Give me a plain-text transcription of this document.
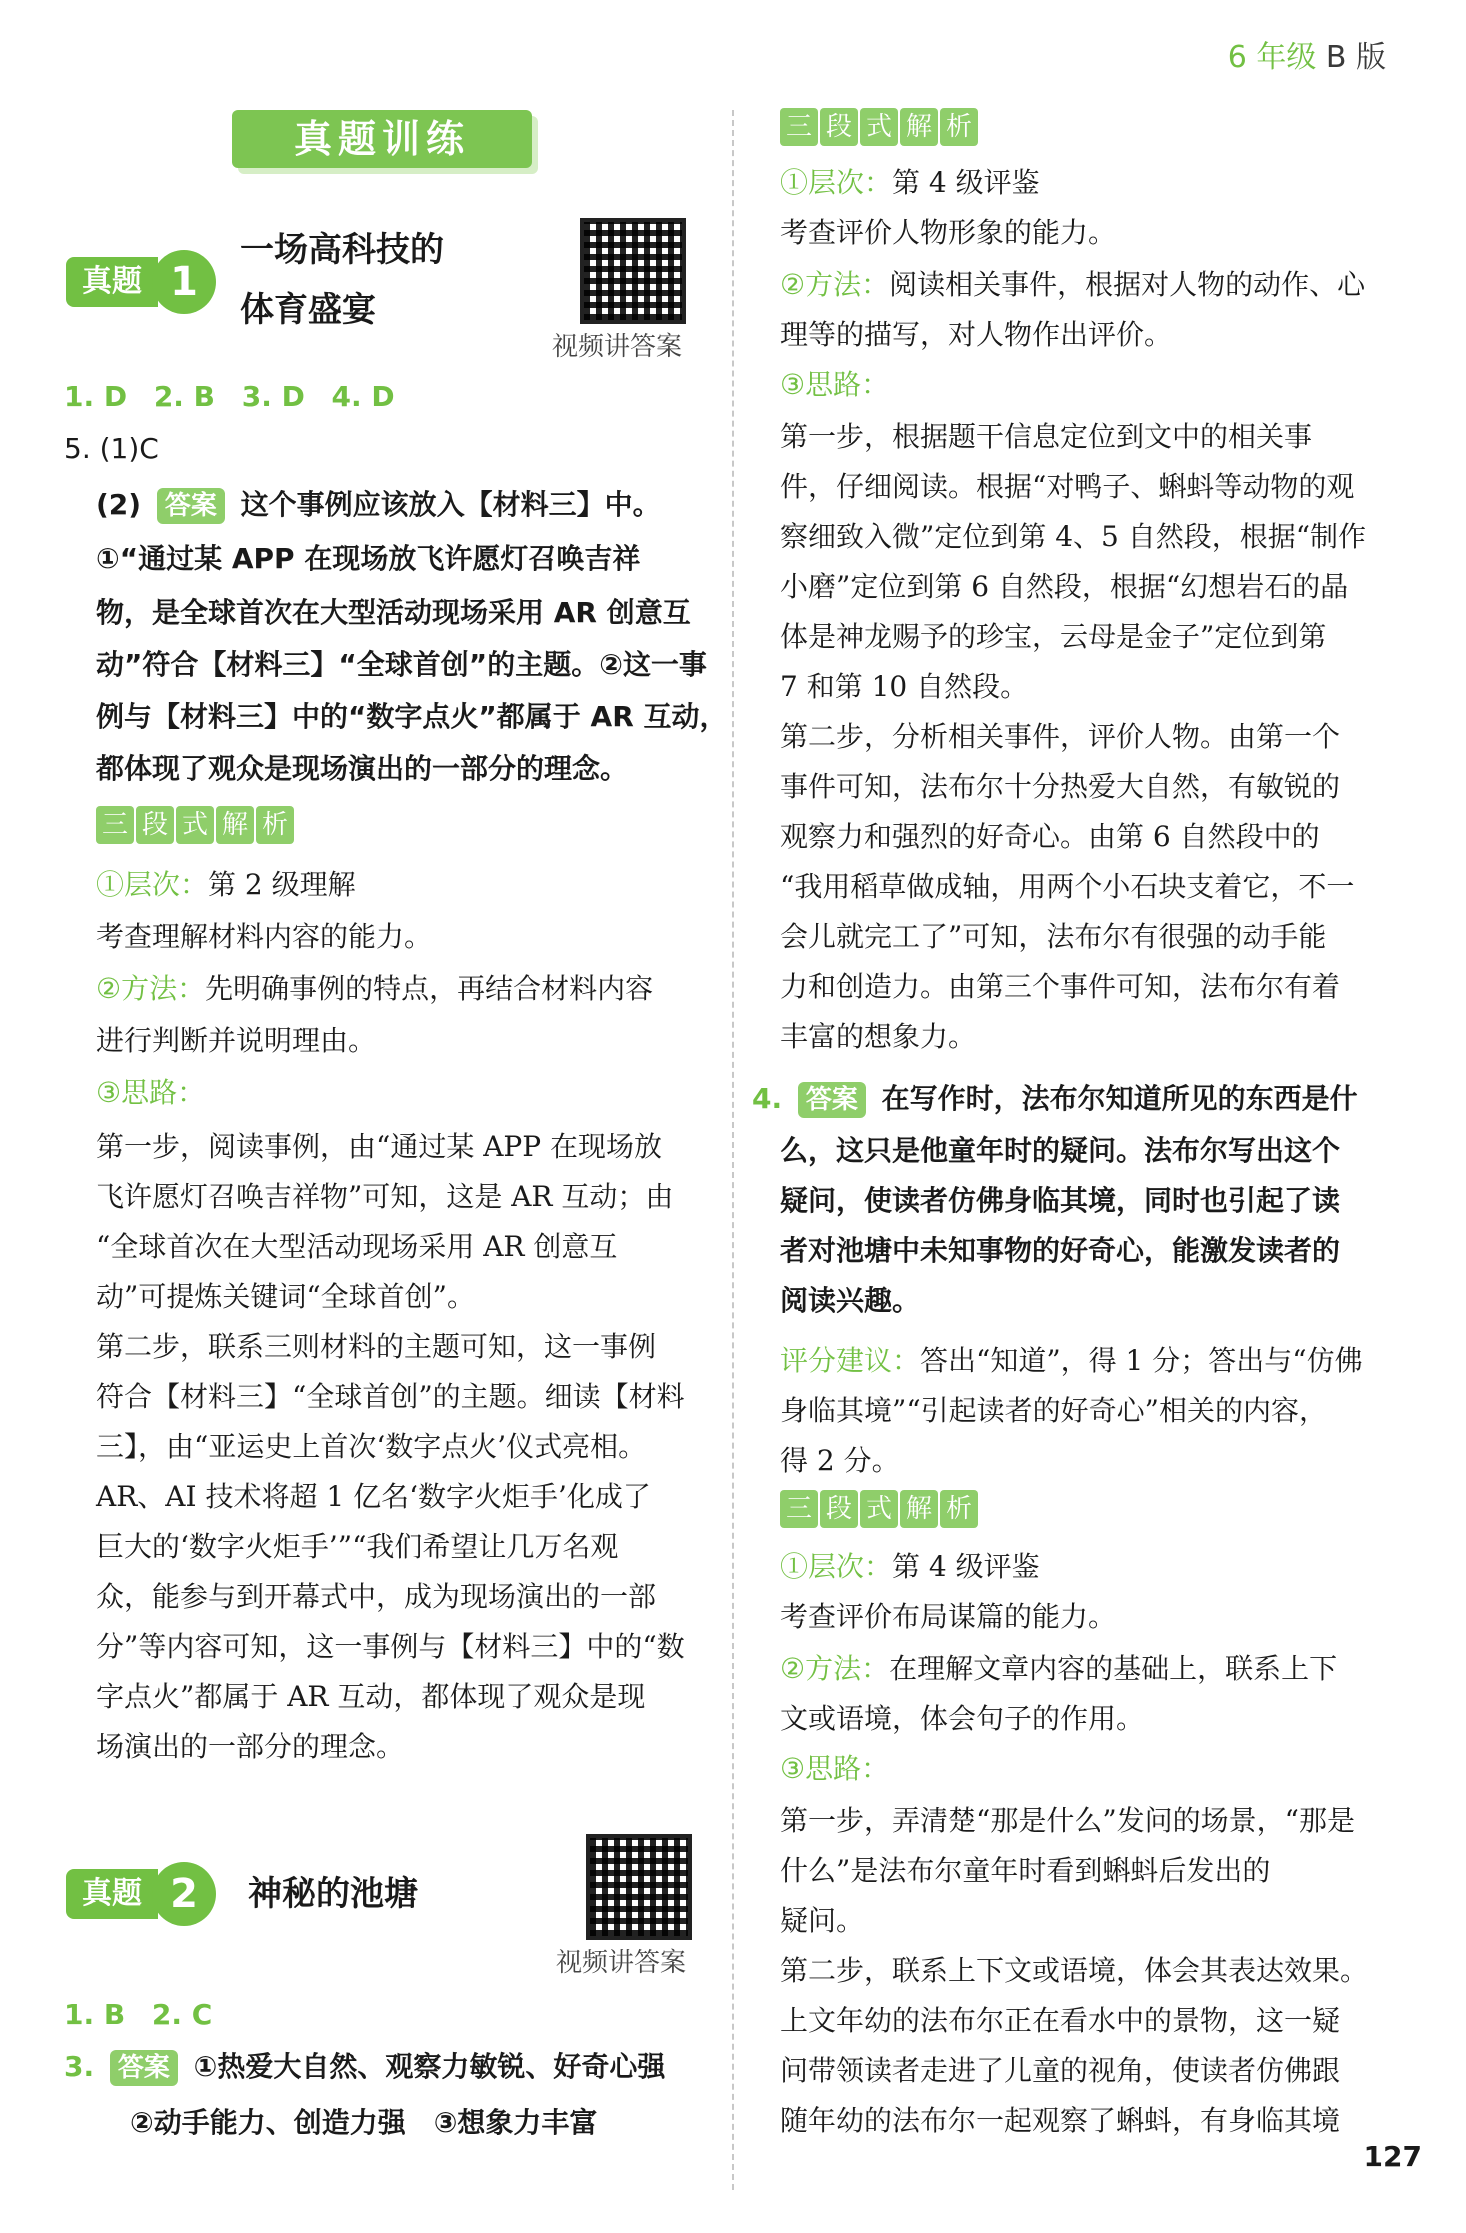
6 年级 B 版
真题训练
真题 1
一场高科技的
体育盛宴
视频讲答案
1. D 2. B 3. D 4. D
5. (1)C
(2) 答案 这个事例应该放入【材料三】中。
①“通过某 APP 在现场放飞许愿灯召唤吉祥
物，是全球首次在大型活动现场采用 AR 创意互
动”符合【材料三】“全球首创”的主题。②这一事
例与【材料三】中的“数字点火”都属于 AR 互动，
都体现了观众是现场演出的一部分的理念。
三 段 式 解 析
①层次：第 2 级理解
考查理解材料内容的能力。
②方法：先明确事例的特点，再结合材料内容
进行判断并说明理由。
③思路：
第一步，阅读事例，由“通过某 APP 在现场放
飞许愿灯召唤吉祥物”可知，这是 AR 互动；由
“全球首次在大型活动现场采用 AR 创意互
动”可提炼关键词“全球首创”。
第二步，联系三则材料的主题可知，这一事例
符合【材料三】“全球首创”的主题。细读【材料
三】，由“亚运史上首次‘数字点火’仪式亮相。
AR、AI 技术将超 1 亿名‘数字火炬手’化成了
巨大的‘数字火炬手’”“我们希望让几万名观
众，能参与到开幕式中，成为现场演出的一部
分”等内容可知，这一事例与【材料三】中的“数
字点火”都属于 AR 互动，都体现了观众是现
场演出的一部分的理念。
真题 2	神秘的池塘
视频讲答案
1. B 2. C
3. 答案 ①热爱大自然、观察力敏锐、好奇心强
②动手能力、创造力强　③想象力丰富
三 段 式 解 析
①层次：第 4 级评鉴
考查评价人物形象的能力。
②方法：阅读相关事件，根据对人物的动作、心
理等的描写，对人物作出评价。
③思路：
第一步，根据题干信息定位到文中的相关事
件，仔细阅读。根据“对鸭子、蝌蚪等动物的观
察细致入微”定位到第 4、5 自然段，根据“制作
小磨”定位到第 6 自然段，根据“幻想岩石的晶
体是神龙赐予的珍宝，云母是金子”定位到第
7 和第 10 自然段。
第二步，分析相关事件，评价人物。由第一个
事件可知，法布尔十分热爱大自然，有敏锐的
观察力和强烈的好奇心。由第 6 自然段中的
“我用稻草做成轴，用两个小石块支着它，不一
会儿就完工了”可知，法布尔有很强的动手能
力和创造力。由第三个事件可知，法布尔有着
丰富的想象力。
4. 答案 在写作时，法布尔知道所见的东西是什
么，这只是他童年时的疑问。法布尔写出这个
疑问，使读者仿佛身临其境，同时也引起了读
者对池塘中未知事物的好奇心，能激发读者的
阅读兴趣。
评分建议：答出“知道”，得 1 分；答出与“仿佛
身临其境”“引起读者的好奇心”相关的内容，
得 2 分。
三 段 式 解 析
①层次：第 4 级评鉴
考查评价布局谋篇的能力。
②方法：在理解文章内容的基础上，联系上下
文或语境，体会句子的作用。
③思路：
第一步，弄清楚“那是什么”发问的场景，“那是
什么”是法布尔童年时看到蝌蚪后发出的
疑问。
第二步，联系上下文或语境，体会其表达效果。
上文年幼的法布尔正在看水中的景物，这一疑
问带领读者走进了儿童的视角，使读者仿佛跟
随年幼的法布尔一起观察了蝌蚪，有身临其境
127
